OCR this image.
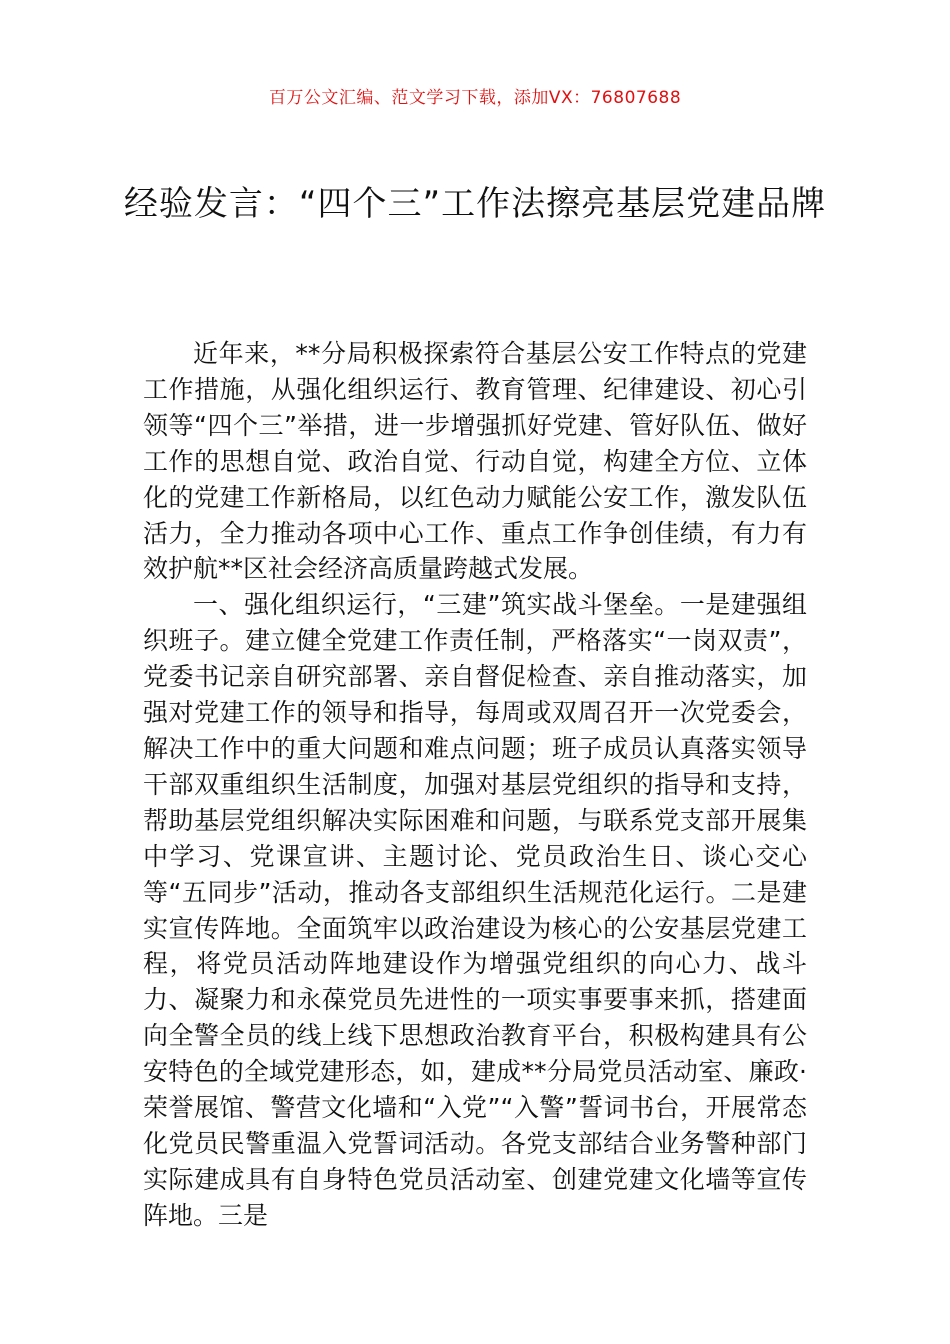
百万公文汇编、范文学习下载，添加VX：76807688
经验发言：“四个三”工作法擦亮基层党建品牌

近年来，**分局积极探索符合基层公安工作特点的党建工作措施，从强化组织运行、教育管理、纪律建设、初心引领等“四个三”举措，进一步增强抓好党建、管好队伍、做好工作的思想自觉、政治自觉、行动自觉，构建全方位、立体化的党建工作新格局，以红色动力赋能公安工作，激发队伍活力，全力推动各项中心工作、重点工作争创佳绩，有力有效护航**区社会经济高质量跨越式发展。

一、强化组织运行，“三建”筑实战斗堡垒。一是建强组织班子。建立健全党建工作责任制，严格落实“一岗双责”，党委书记亲自研究部署、亲自督促检查、亲自推动落实，加强对党建工作的领导和指导，每周或双周召开一次党委会，解决工作中的重大问题和难点问题；班子成员认真落实领导干部双重组织生活制度，加强对基层党组织的指导和支持，帮助基层党组织解决实际困难和问题，与联系党支部开展集中学习、党课宣讲、主题讨论、党员政治生日、谈心交心等“五同步”活动，推动各支部组织生活规范化运行。二是建实宣传阵地。全面筑牢以政治建设为核心的公安基层党建工程，将党员活动阵地建设作为增强党组织的向心力、战斗力、凝聚力和永葆党员先进性的一项实事要事来抓，搭建面向全警全员的线上线下思想政治教育平台，积极构建具有公安特色的全域党建形态，如，建成**分局党员活动室、廉政·荣誉展馆、警营文化墙和“入党”“入警”誓词书台，开展常态化党员民警重温入党誓词活动。各党支部结合业务警种部门实际建成具有自身特色党员活动室、创建党建文化墙等宣传阵地。三是
